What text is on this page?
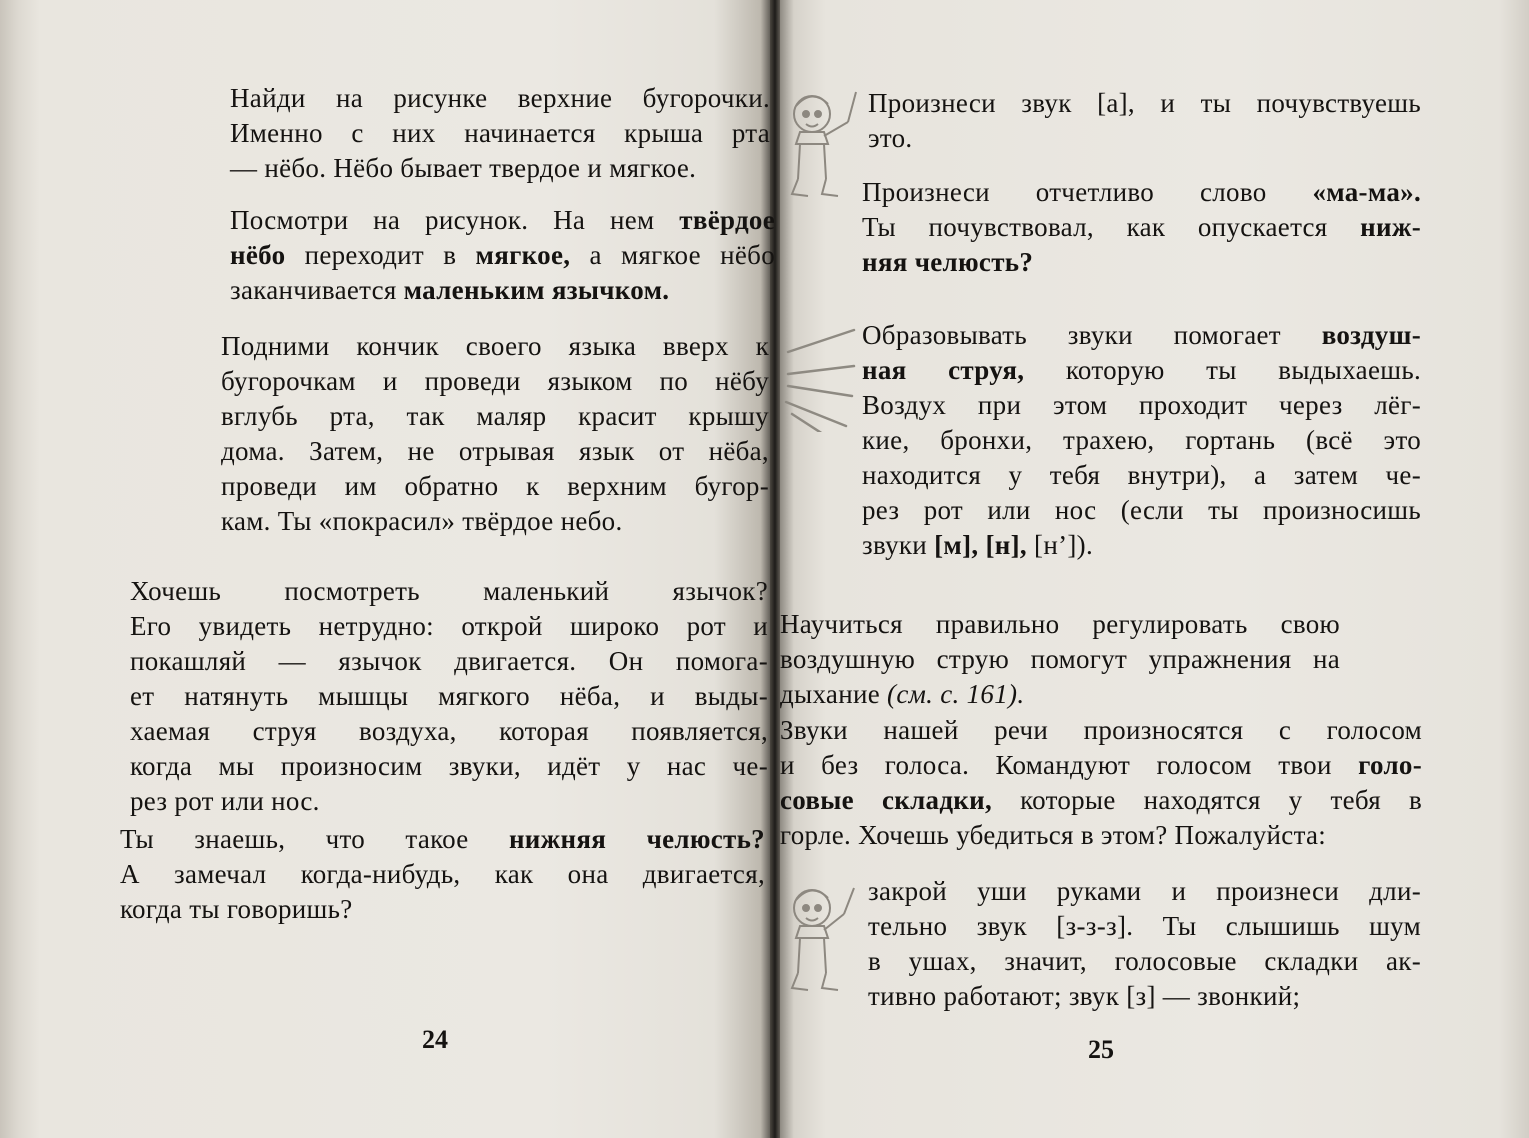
Найди на рисунке верхние бугорочки.
Именно с них начинается крыша рта
— нёбо. Нёбо бывает твердое и мягкое.
Посмотри на рисунок. На нем твёрдое
нёбо переходит в мягкое, а мягкое нёбо
заканчивается маленьким язычком.
Подними кончик своего языка вверх к
бугорочкам и проведи языком по нёбу
вглубь рта, так маляр красит крышу
дома. Затем, не отрывая язык от нёба,
проведи им обратно к верхним бугор-
кам. Ты «покрасил» твёрдое небо.
Хочешь посмотреть маленький язычок?
Его увидеть нетрудно: открой широко рот и
покашляй — язычок двигается. Он помога-
ет натянуть мышцы мягкого нёба, и выды-
хаемая струя воздуха, которая появляется,
когда мы произносим звуки, идёт у нас че-
рез рот или нос.
Ты знаешь, что такое нижняя челюсть?
А замечал когда-нибудь, как она двигается,
когда ты говоришь?
24
Произнеси звук [а], и ты почувствуешь
это.
Произнеси отчетливо слово «ма-ма».
Ты почувствовал, как опускается ниж-
няя челюсть?
Образовывать звуки помогает воздуш-
ная струя, которую ты выдыхаешь.
Воздух при этом проходит через лёг-
кие, бронхи, трахею, гортань (всё это
находится у тебя внутри), а затем че-
рез рот или нос (если ты произносишь
звуки [м], [н], [н’]).
Научиться правильно регулировать свою
воздушную струю помогут упражнения на
дыхание (см. с. 161).
Звуки нашей речи произносятся с голосом
и без голоса. Командуют голосом твои голо-
совые складки, которые находятся у тебя в
горле. Хочешь убедиться в этом? Пожалуйста:
закрой уши руками и произнеси дли-
тельно звук [з-з-з]. Ты слышишь шум
в ушах, значит, голосовые складки ак-
тивно работают; звук [з] — звонкий;
25
